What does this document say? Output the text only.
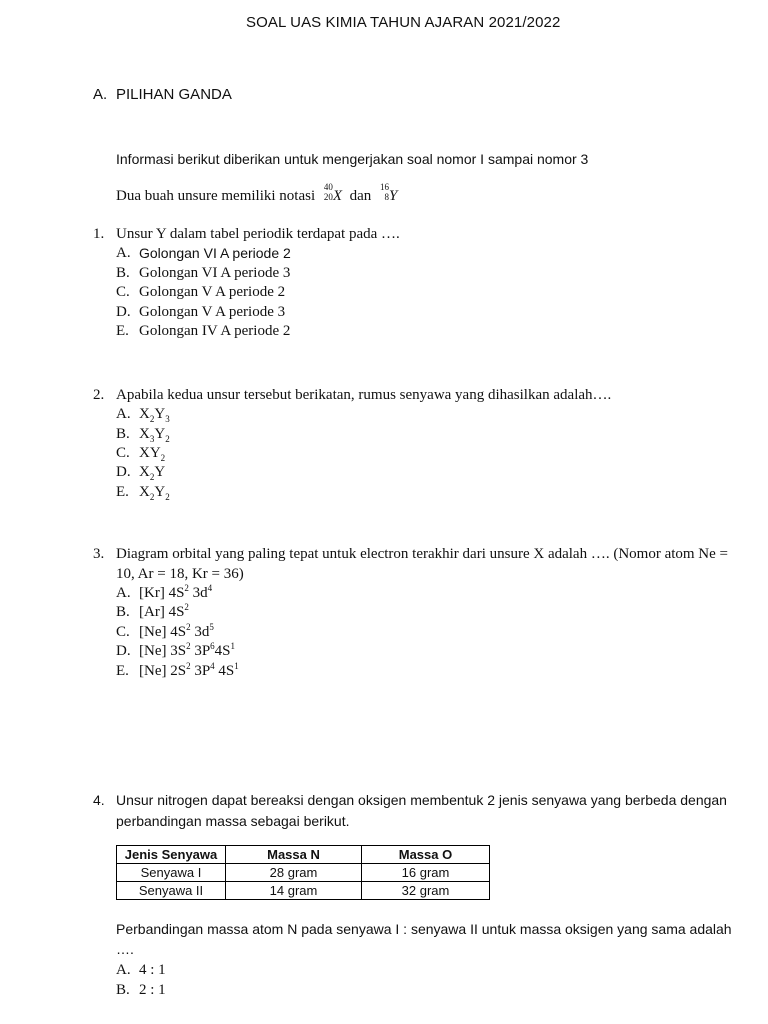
SOAL UAS KIMIA TAHUN AJARAN 2021/2022
A. PILIHAN GANDA
Informasi berikut diberikan untuk mengerjakan soal nomor I sampai nomor 3
Dua buah unsure memiliki notasi
40
20 X dan
16
8 Y
1. Unsur Y dalam tabel periodik terdapat pada ….
A. Golongan VI A periode 2
B. Golongan VI A periode 3
C. Golongan V A periode 2
D. Golongan V A periode 3
E. Golongan IV A periode 2
2. Apabila kedua unsur tersebut berikatan, rumus senyawa yang dihasilkan adalah….
A. $X_2Y_3$
B. $X_3Y_2$
C. $XY_2$
D. $X_2Y$
E. $X_2Y_2$
3. Diagram orbital yang paling tepat untuk electron terakhir dari unsure X adalah …. (Nomor atom Ne =
10, Ar = 18, Kr = 36)
A. [Kr] $4S^2$ $3d^4$
B. [Ar] $4S^2$
C. [Ne] $4S^2$ $3d^5$
D. [Ne] $3S^2$ $3P^64S^1$
E. [Ne] $2S^2$ $3P^4$ $4S^1$
4. Unsur nitrogen dapat bereaksi dengan oksigen membentuk 2 jenis senyawa yang berbeda dengan
perbandingan massa sebagai berikut.
Jenis Senyawa	Massa N	Massa O
Senyawa I	28 gram	16 gram
Senyawa II	14 gram	32 gram
Perbandingan massa atom N pada senyawa I : senyawa II untuk massa oksigen yang sama adalah
….
A. 4 : 1
B. 2 : 1
